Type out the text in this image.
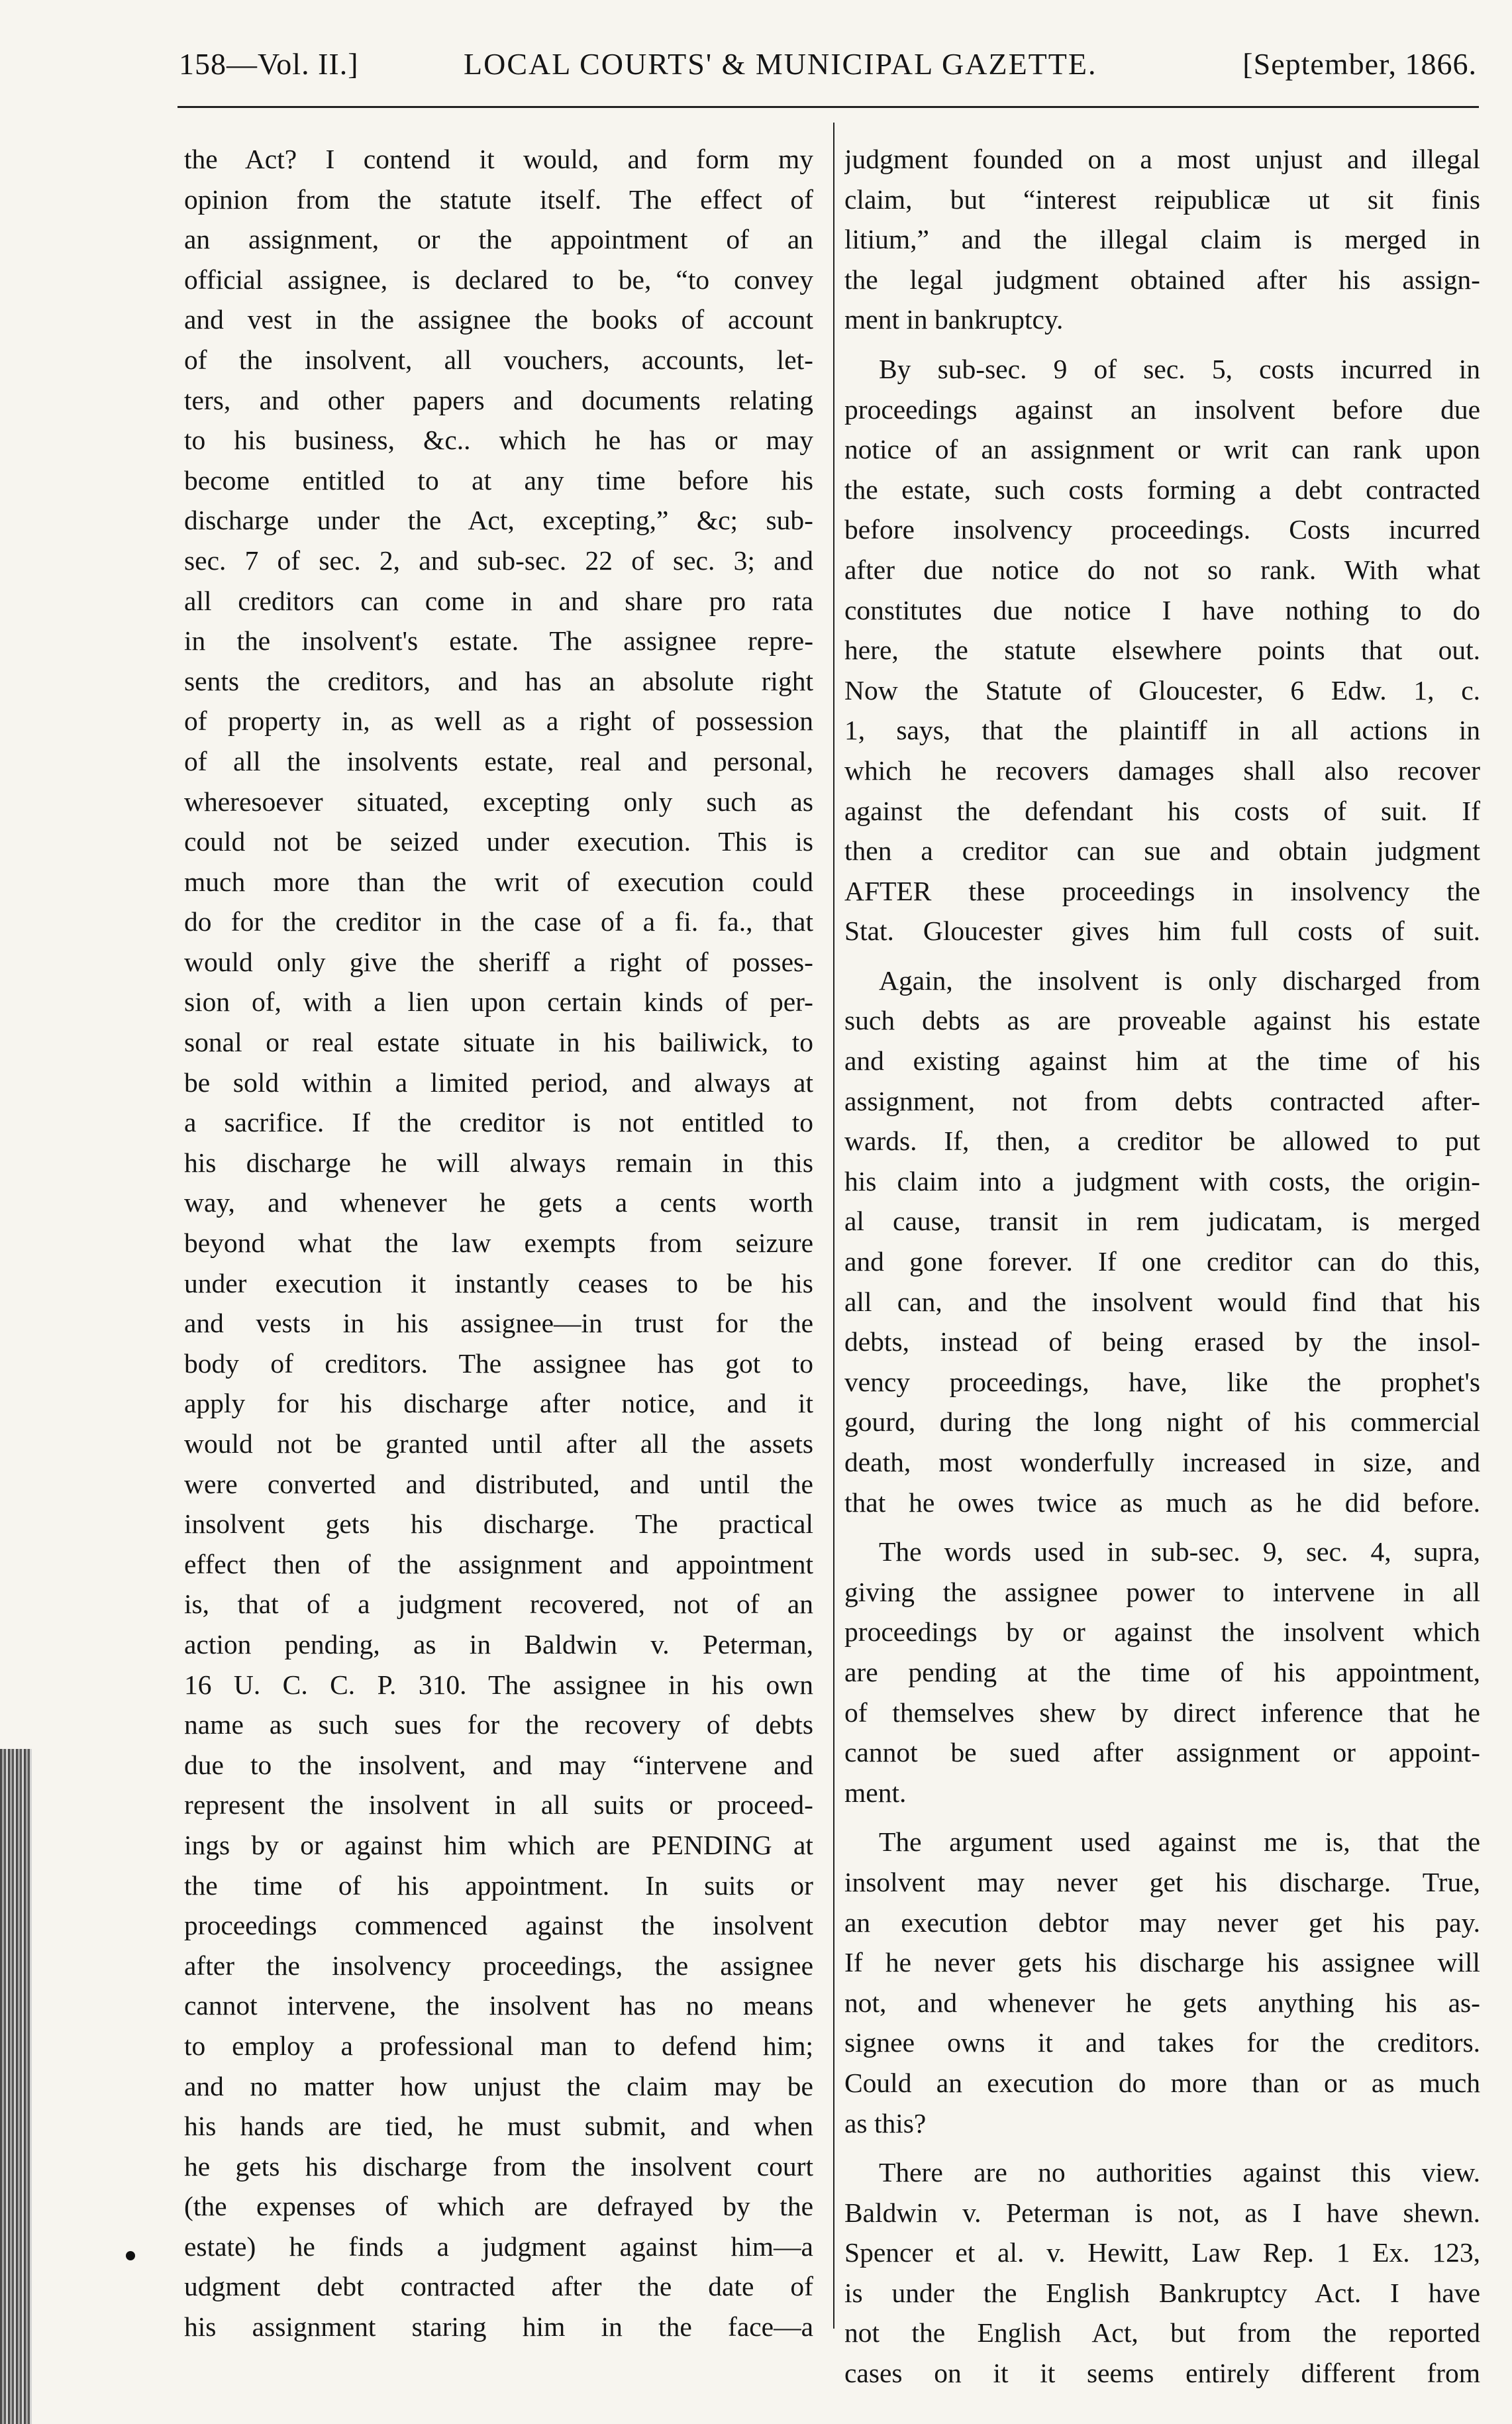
158—Vol. II.]	LOCAL COURTS' & MUNICIPAL GAZETTE.	[September, 1866.
the Act? I contend it would, and form my
opinion from the statute itself. The effect of
an assignment, or the appointment of an
official assignee, is declared to be, “to convey
and vest in the assignee the books of account
of the insolvent, all vouchers, accounts, let-
ters, and other papers and documents relating
to his business, &c.. which he has or may
become entitled to at any time before his
discharge under the Act, excepting,” &c; sub-
sec. 7 of sec. 2, and sub-sec. 22 of sec. 3; and
all creditors can come in and share pro rata
in the insolvent's estate. The assignee repre-
sents the creditors, and has an absolute right
of property in, as well as a right of possession
of all the insolvents estate, real and personal,
wheresoever situated, excepting only such as
could not be seized under execution. This is
much more than the writ of execution could
do for the creditor in the case of a fi. fa., that
would only give the sheriff a right of posses-
sion of, with a lien upon certain kinds of per-
sonal or real estate situate in his bailiwick, to
be sold within a limited period, and always at
a sacrifice. If the creditor is not entitled to
his discharge he will always remain in this
way, and whenever he gets a cents worth
beyond what the law exempts from seizure
under execution it instantly ceases to be his
and vests in his assignee—in trust for the
body of creditors. The assignee has got to
apply for his discharge after notice, and it
would not be granted until after all the assets
were converted and distributed, and until the
insolvent gets his discharge. The practical
effect then of the assignment and appointment
is, that of a judgment recovered, not of an
action pending, as in Baldwin v. Peterman,
16 U. C. C. P. 310. The assignee in his own
name as such sues for the recovery of debts
due to the insolvent, and may “intervene and
represent the insolvent in all suits or proceed-
ings by or against him which are PENDING at
the time of his appointment. In suits or
proceedings commenced against the insolvent
after the insolvency proceedings, the assignee
cannot intervene, the insolvent has no means
to employ a professional man to defend him;
and no matter how unjust the claim may be
his hands are tied, he must submit, and when
he gets his discharge from the insolvent court
(the expenses of which are defrayed by the
estate) he finds a judgment against him—a
udgment debt contracted after the date of
his assignment staring him in the face—a
judgment founded on a most unjust and illegal
claim, but “interest reipublicæ ut sit finis
litium,” and the illegal claim is merged in
the legal judgment obtained after his assign-
ment in bankruptcy.
By sub-sec. 9 of sec. 5, costs incurred in
proceedings against an insolvent before due
notice of an assignment or writ can rank upon
the estate, such costs forming a debt contracted
before insolvency proceedings. Costs incurred
after due notice do not so rank. With what
constitutes due notice I have nothing to do
here, the statute elsewhere points that out.
Now the Statute of Gloucester, 6 Edw. 1, c.
1, says, that the plaintiff in all actions in
which he recovers damages shall also recover
against the defendant his costs of suit. If
then a creditor can sue and obtain judgment
AFTER these proceedings in insolvency the
Stat. Gloucester gives him full costs of suit.
Again, the insolvent is only discharged from
such debts as are proveable against his estate
and existing against him at the time of his
assignment, not from debts contracted after-
wards. If, then, a creditor be allowed to put
his claim into a judgment with costs, the origin-
al cause, transit in rem judicatam, is merged
and gone forever. If one creditor can do this,
all can, and the insolvent would find that his
debts, instead of being erased by the insol-
vency proceedings, have, like the prophet's
gourd, during the long night of his commercial
death, most wonderfully increased in size, and
that he owes twice as much as he did before.
The words used in sub-sec. 9, sec. 4, supra,
giving the assignee power to intervene in all
proceedings by or against the insolvent which
are pending at the time of his appointment,
of themselves shew by direct inference that he
cannot be sued after assignment or appoint-
ment.
The argument used against me is, that the
insolvent may never get his discharge. True,
an execution debtor may never get his pay.
If he never gets his discharge his assignee will
not, and whenever he gets anything his as-
signee owns it and takes for the creditors.
Could an execution do more than or as much
as this?
There are no authorities against this view.
Baldwin v. Peterman is not, as I have shewn.
Spencer et al. v. Hewitt, Law Rep. 1 Ex. 123,
is under the English Bankruptcy Act. I have
not the English Act, but from the reported
cases on it it seems entirely different from
